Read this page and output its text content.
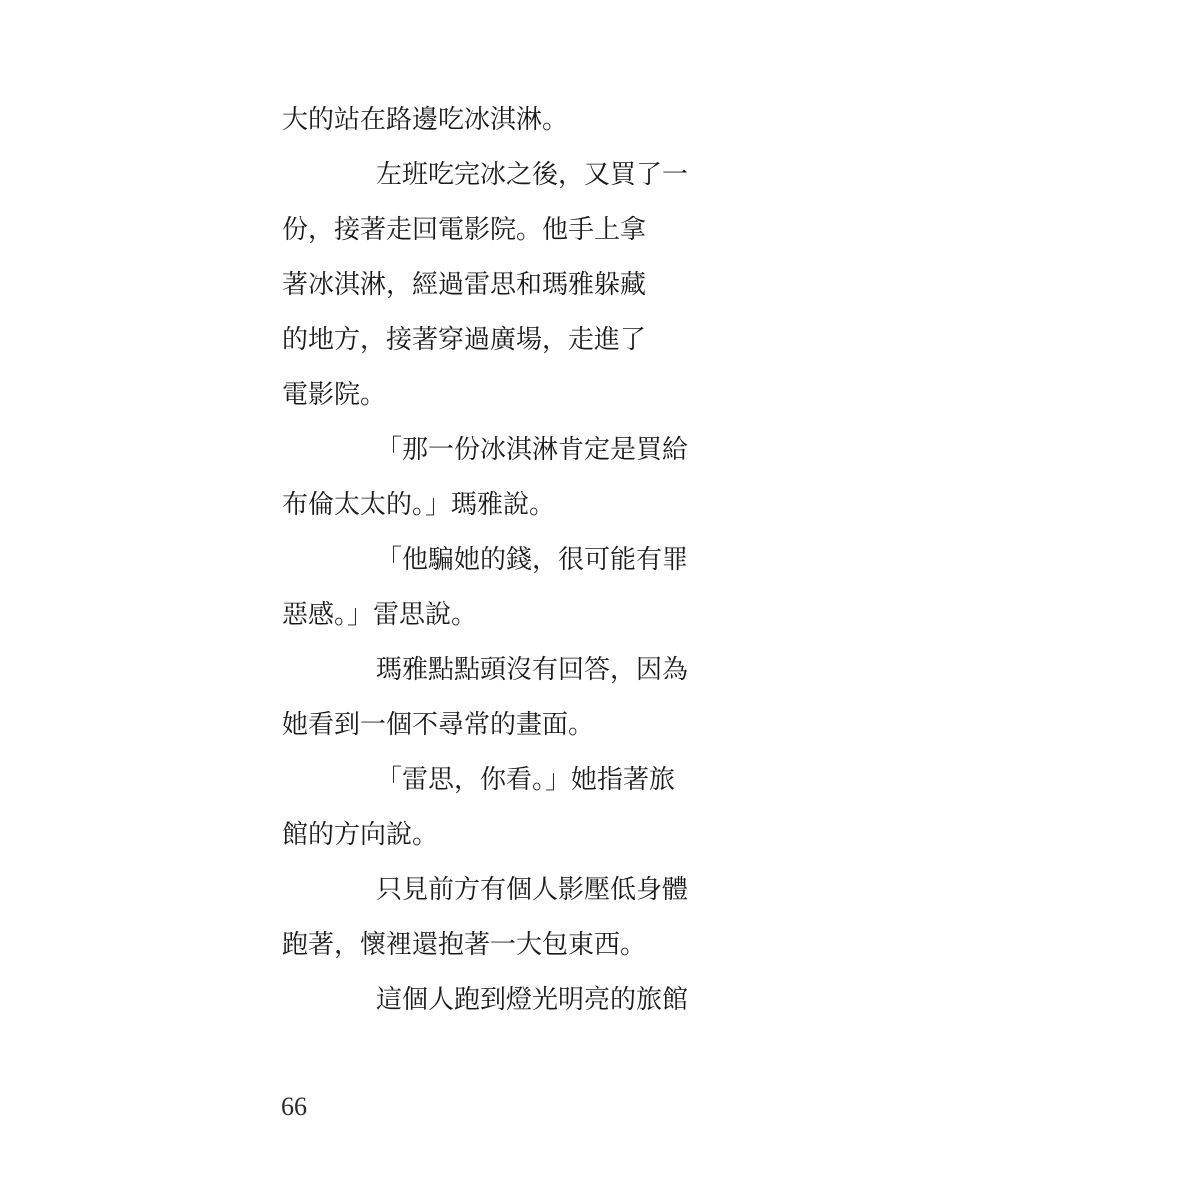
大的站在路邊吃冰淇淋。
左班吃完冰之後，又買了一
份，接著走回電影院。他手上拿
著冰淇淋，經過雷思和瑪雅躲藏
的地方，接著穿過廣場，走進了
電影院。
「那一份冰淇淋肯定是買給
布倫太太的。」瑪雅說。
「他騙她的錢，很可能有罪
惡感。」雷思說。
瑪雅點點頭沒有回答，因為
她看到一個不尋常的畫面。
「雷思，你看。」她指著旅
館的方向說。
只見前方有個人影壓低身體
跑著，懷裡還抱著一大包東西。
這個人跑到燈光明亮的旅館
66
